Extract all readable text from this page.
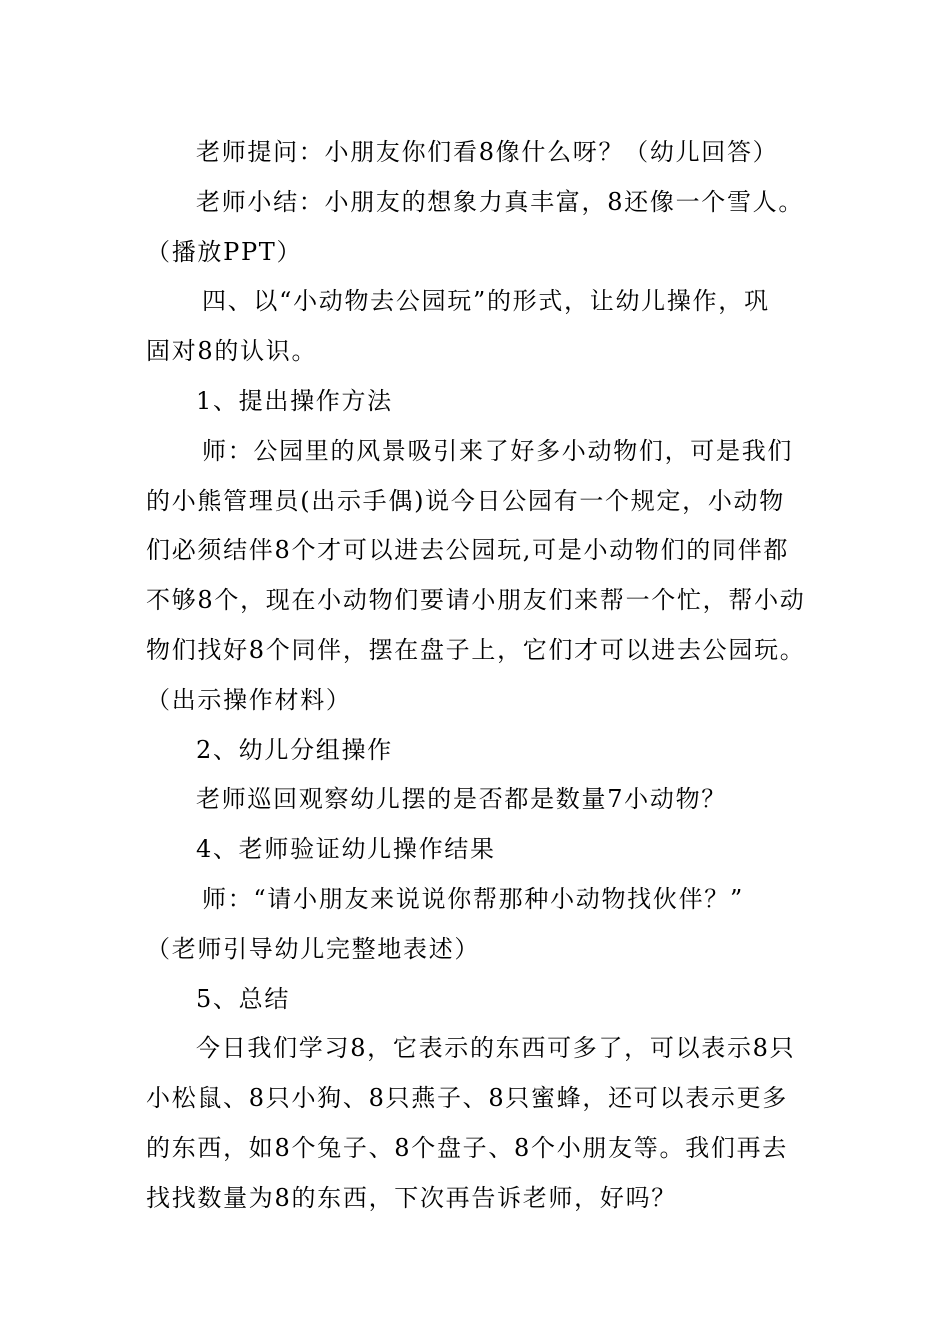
老师提问：小朋友你们看8像什么呀？（幼儿回答）
老师小结：小朋友的想象力真丰富，8还像一个雪人。
（播放PPT）
四、以“小动物去公园玩”的形式，让幼儿操作，巩
固对8的认识。
1、提出操作方法
师：公园里的风景吸引来了好多小动物们，可是我们
的小熊管理员(出示手偶)说今日公园有一个规定，小动物
们必须结伴8个才可以进去公园玩,可是小动物们的同伴都
不够8个，现在小动物们要请小朋友们来帮一个忙，帮小动
物们找好8个同伴，摆在盘子上，它们才可以进去公园玩。
（出示操作材料）
2、幼儿分组操作
老师巡回观察幼儿摆的是否都是数量7小动物？
4、老师验证幼儿操作结果
师：“请小朋友来说说你帮那种小动物找伙伴？”
（老师引导幼儿完整地表述）
5、总结
今日我们学习8，它表示的东西可多了，可以表示8只
小松鼠、8只小狗、8只燕子、8只蜜蜂，还可以表示更多
的东西，如8个兔子、8个盘子、8个小朋友等。我们再去
找找数量为8的东西，下次再告诉老师，好吗？
